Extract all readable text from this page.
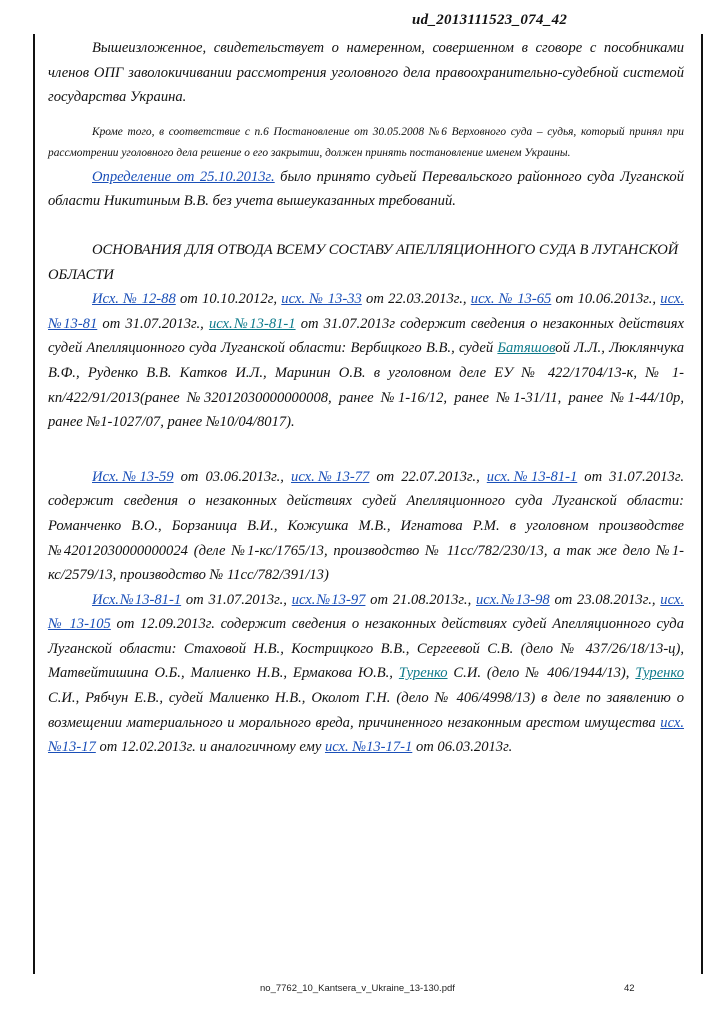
ud_2013111523_074_42

Вышеизложенное, свидетельствует о намеренном, совершенном в сговоре с пособниками членов ОПГ заволокичивании рассмотрения уголовного дела правоохранительно-судебной системой государства Украина.

Кроме того, в соответствие с п.6 Постановление от 30.05.2008 №6 Верховного суда – судья, который принял при рассмотрении уголовного дела решение о его закрытии, должен принять постановление именем Украины.

Определение от 25.10.2013г. было принято судьей Перевальского районного суда Луганской области Никитиным В.В. без учета вышеуказанных требований.

ОСНОВАНИЯ ДЛЯ ОТВОДА ВСЕМУ СОСТАВУ АПЕЛЛЯЦИОННОГО СУДА В ЛУГАНСКОЙ ОБЛАСТИ

Исх. № 12-88 от 10.10.2012г, исх. № 13-33 от 22.03.2013г., исх. № 13-65 от 10.06.2013г., исх.№13-81 от 31.07.2013г., исх.№13-81-1 от 31.07.2013г содержит сведения о незаконных действиях судей Апелляционного суда Луганской области: Вербицкого В.В., судей Батяшовой Л.Л., Люклянчука В.Ф., Руденко В.В. Катков И.Л., Маринин О.В. в уголовном деле ЕУ № 422/1704/13-к, № 1-кп/422/91/2013(ранее №32012030000000008, ранее №1-16/12, ранее №1-31/11, ранее №1-44/10р, ранее №1-1027/07, ранее №10/04/8017).

Исх.№13-59 от 03.06.2013г., исх.№13-77 от 22.07.2013г., исх.№13-81-1 от 31.07.2013г. содержит сведения о незаконных действиях судей Апелляционного суда Луганской области: Романченко В.О., Борзаница В.И., Кожушка М.В., Игнатова Р.М. в уголовном производстве №42012030000000024 (деле №1-кс/1765/13, производство № 11сс/782/230/13, а так же дело №1-кс/2579/13, производство № 11сс/782/391/13)

Исх.№13-81-1 от 31.07.2013г., исх.№13-97 от 21.08.2013г., исх.№13-98 от 23.08.2013г., исх. № 13-105 от 12.09.2013г. содержит сведения о незаконных действиях судей Апелляционного суда Луганской области: Стаховой Н.В., Кострицкого В.В., Сергеевой С.В. (дело № 437/26/18/13-ц), Матвейтишина О.Б., Малиенко Н.В., Ермакова Ю.В., Туренко С.И. (дело № 406/1944/13), Туренко С.И., Рябчун Е.В., судей Малиенко Н.В., Околот Г.Н. (дело № 406/4998/13) в деле по заявлению о возмещении материального и морального вреда, причиненного незаконным арестом имущества исх.№13-17 от 12.02.2013г. и аналогичному ему исх. №13-17-1 от 06.03.2013г.

no_7762_10_Kantsera_v_Ukraine_13-130.pdf	42
